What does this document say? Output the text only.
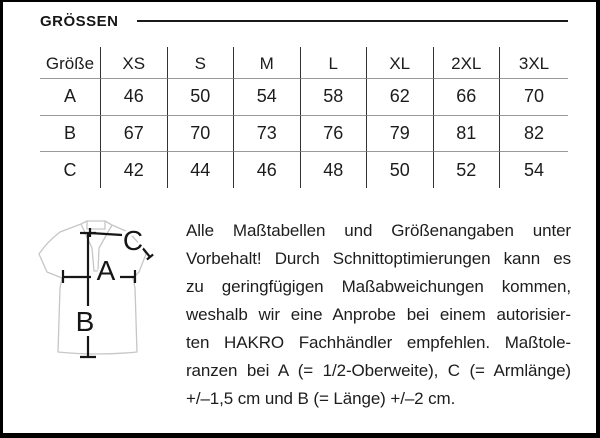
GRÖSSEN
Größe	XS	S	M	L	XL	2XL	3XL
A	46	50	54	58	62	66	70
B	67	70	73	76	79	81	82
C	42	44	46	48	50	52	54
A
B
C	Alle Maßtabellen und Größenangaben unter
Vorbehalt! Durch Schnittoptimierungen kann es
zu geringfügigen Maßabweichungen kommen,
weshalb wir eine Anprobe bei einem autorisier-
ten HAKRO Fachhändler empfehlen. Maßtole-
ranzen bei A (= 1/2-Oberweite), C (= Armlänge)
+/–1,5 cm und B (= Länge) +/–2 cm.
